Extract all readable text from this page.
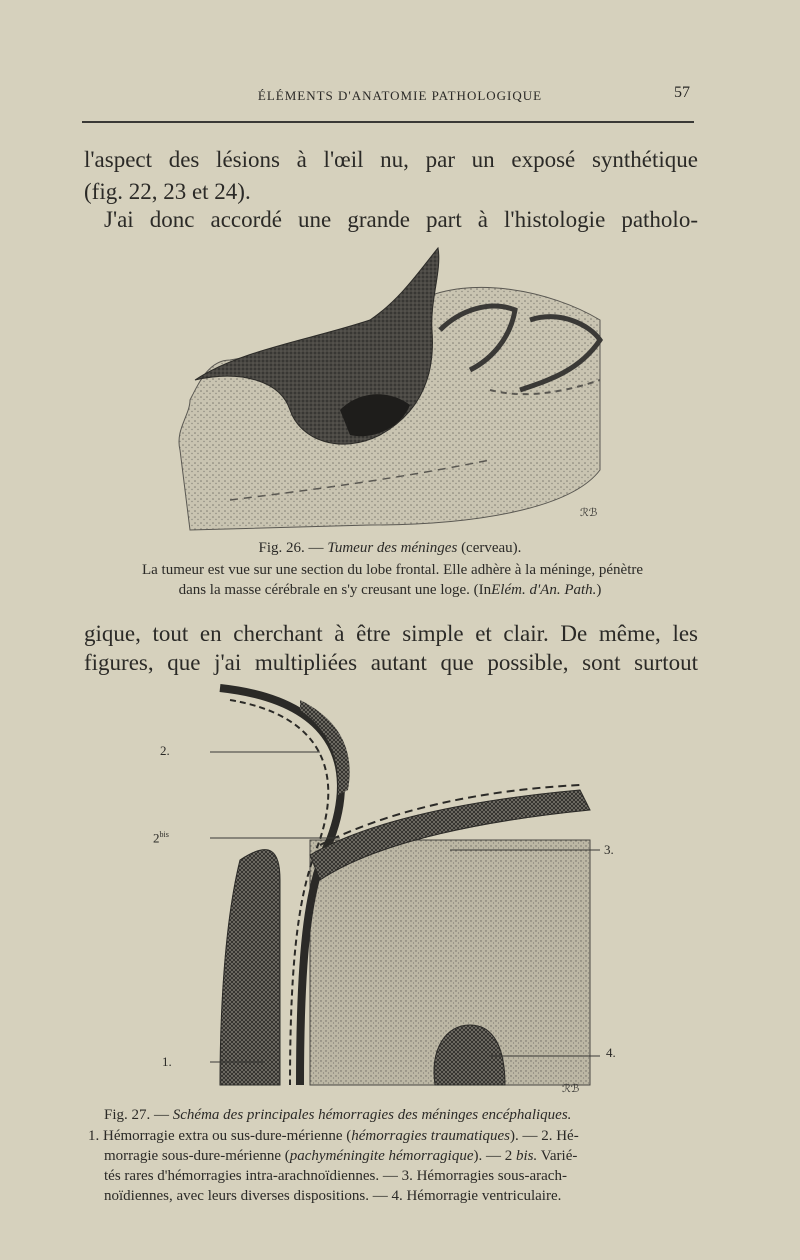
ÉLÉMENTS D'ANATOMIE PATHOLOGIQUE	57
l'aspect des lésions à l'œil nu, par un exposé synthétique
(fig. 22, 23 et 24).
J'ai donc accordé une grande part à l'histologie patholo-
ℛℬ
Fig. 26. — Tumeur des méninges (cerveau).
La tumeur est vue sur une section du lobe frontal. Elle adhère à la méninge, pénètre
dans la masse cérébrale en s'y creusant une loge. (InElém. d'An. Path.)
gique, tout en cherchant à être simple et clair. De même, les
figures, que j'ai multipliées autant que possible, sont surtout
ℛℬ
2.
$2^{bis}$
3.
1.
4.
Fig. 27. — Schéma des principales hémorragies des méninges encéphaliques.
1. Hémorragie extra ou sus-dure-mérienne (hémorragies traumatiques). — 2. Hé-
morragie sous-dure-mérienne (pachyméningite hémorragique). — 2 bis. Varié-
tés rares d'hémorragies intra-arachnoïdiennes. — 3. Hémorragies sous-arach-
noïdiennes, avec leurs diverses dispositions. — 4. Hémorragie ventriculaire.
